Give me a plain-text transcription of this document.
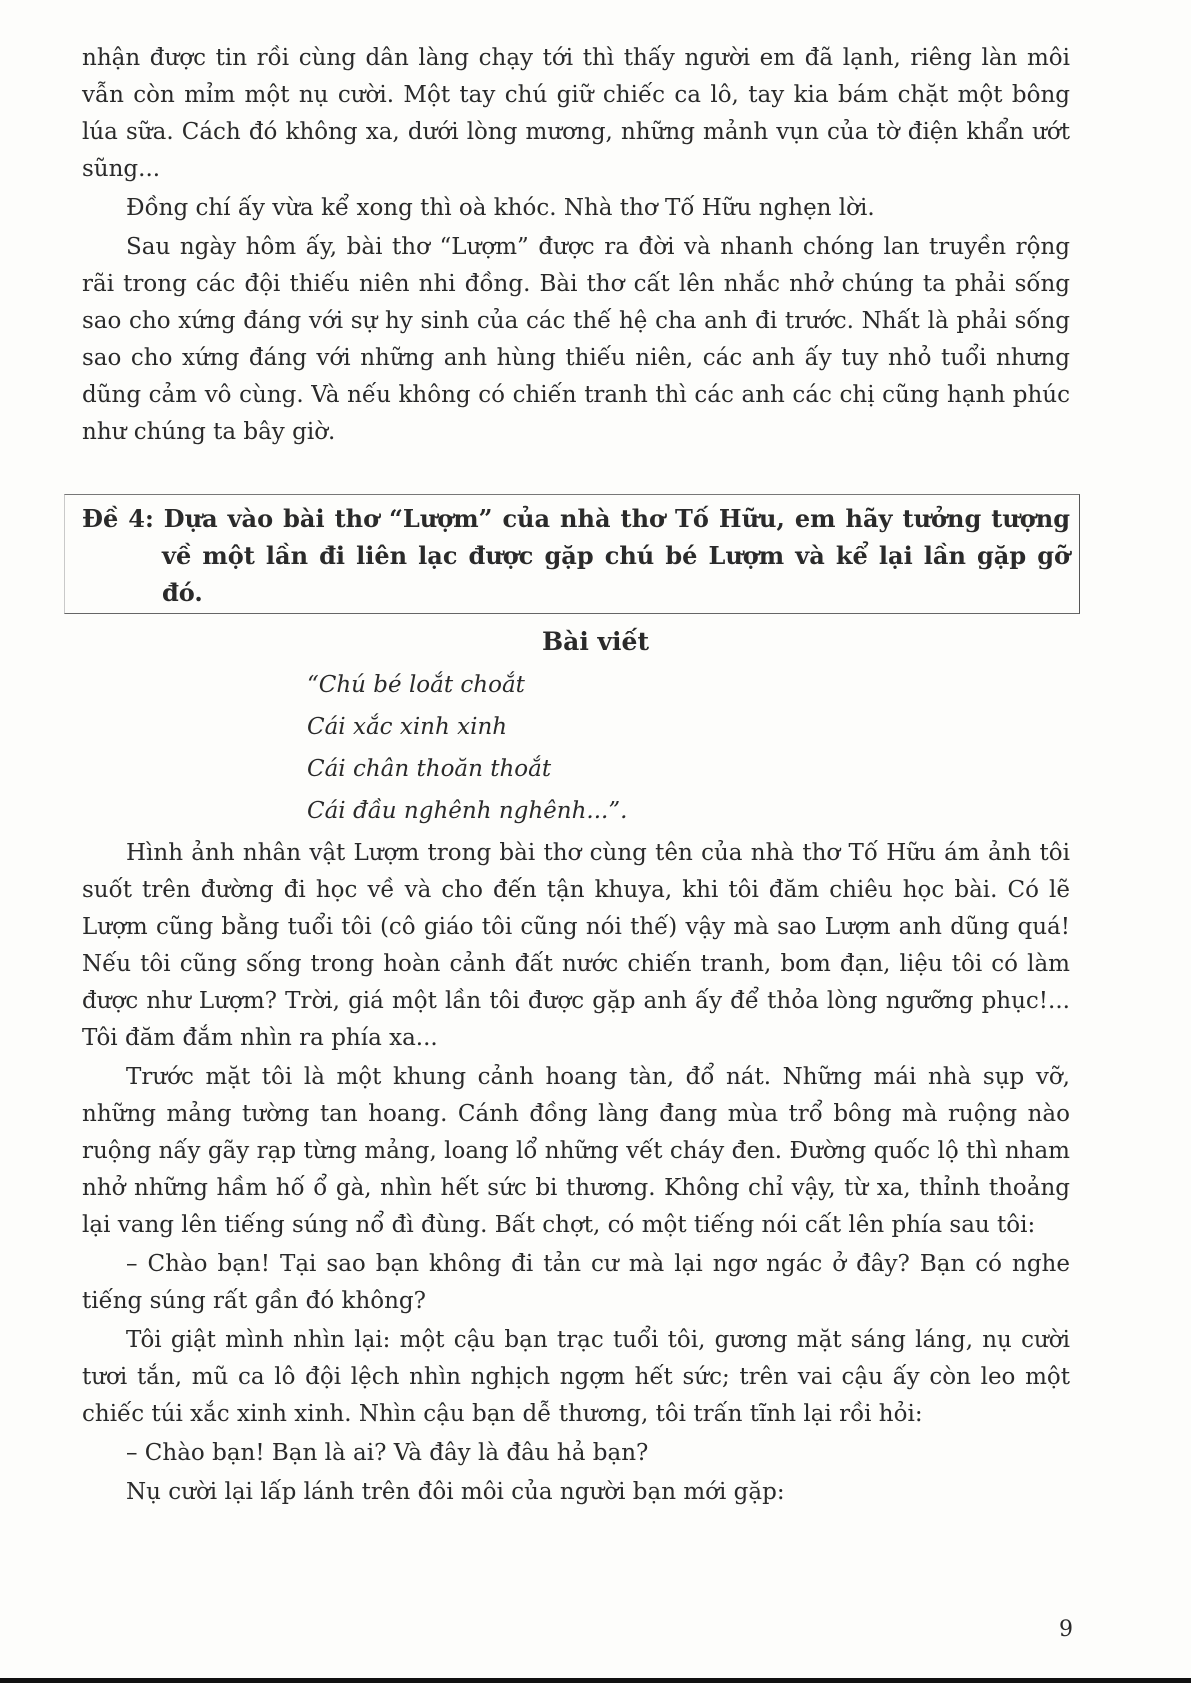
nhận được tin rồi cùng dân làng chạy tới thì thấy người em đã lạnh, riêng làn môi vẫn còn mỉm một nụ cười. Một tay chú giữ chiếc ca lô, tay kia bám chặt một bông lúa sữa. Cách đó không xa, dưới lòng mương, những mảnh vụn của tờ điện khẩn ướt sũng...

Đồng chí ấy vừa kể xong thì oà khóc. Nhà thơ Tố Hữu nghẹn lời.

Sau ngày hôm ấy, bài thơ “Lượm” được ra đời và nhanh chóng lan truyền rộng rãi trong các đội thiếu niên nhi đồng. Bài thơ cất lên nhắc nhở chúng ta phải sống sao cho xứng đáng với sự hy sinh của các thế hệ cha anh đi trước. Nhất là phải sống sao cho xứng đáng với những anh hùng thiếu niên, các anh ấy tuy nhỏ tuổi nhưng dũng cảm vô cùng. Và nếu không có chiến tranh thì các anh các chị cũng hạnh phúc như chúng ta bây giờ.

Đề 4: Dựa vào bài thơ “Lượm” của nhà thơ Tố Hữu, em hãy tưởng tượng về một lần đi liên lạc được gặp chú bé Lượm và kể lại lần gặp gỡ đó.

Bài viết

“Chú bé loắt choắt
Cái xắc xinh xinh
Cái chân thoăn thoắt
Cái đầu nghênh nghênh...”.

Hình ảnh nhân vật Lượm trong bài thơ cùng tên của nhà thơ Tố Hữu ám ảnh tôi suốt trên đường đi học về và cho đến tận khuya, khi tôi đăm chiêu học bài. Có lẽ Lượm cũng bằng tuổi tôi (cô giáo tôi cũng nói thế) vậy mà sao Lượm anh dũng quá! Nếu tôi cũng sống trong hoàn cảnh đất nước chiến tranh, bom đạn, liệu tôi có làm được như Lượm? Trời, giá một lần tôi được gặp anh ấy để thỏa lòng ngưỡng phục!... Tôi đăm đắm nhìn ra phía xa...

Trước mặt tôi là một khung cảnh hoang tàn, đổ nát. Những mái nhà sụp vỡ, những mảng tường tan hoang. Cánh đồng làng đang mùa trổ bông mà ruộng nào ruộng nấy gãy rạp từng mảng, loang lổ những vết cháy đen. Đường quốc lộ thì nham nhở những hầm hố ổ gà, nhìn hết sức bi thương. Không chỉ vậy, từ xa, thỉnh thoảng lại vang lên tiếng súng nổ đì đùng. Bất chợt, có một tiếng nói cất lên phía sau tôi:

– Chào bạn! Tại sao bạn không đi tản cư mà lại ngơ ngác ở đây? Bạn có nghe tiếng súng rất gần đó không?

Tôi giật mình nhìn lại: một cậu bạn trạc tuổi tôi, gương mặt sáng láng, nụ cười tươi tắn, mũ ca lô đội lệch nhìn nghịch ngợm hết sức; trên vai cậu ấy còn leo một chiếc túi xắc xinh xinh. Nhìn cậu bạn dễ thương, tôi trấn tĩnh lại rồi hỏi:

– Chào bạn! Bạn là ai? Và đây là đâu hả bạn?

Nụ cười lại lấp lánh trên đôi môi của người bạn mới gặp:

9
